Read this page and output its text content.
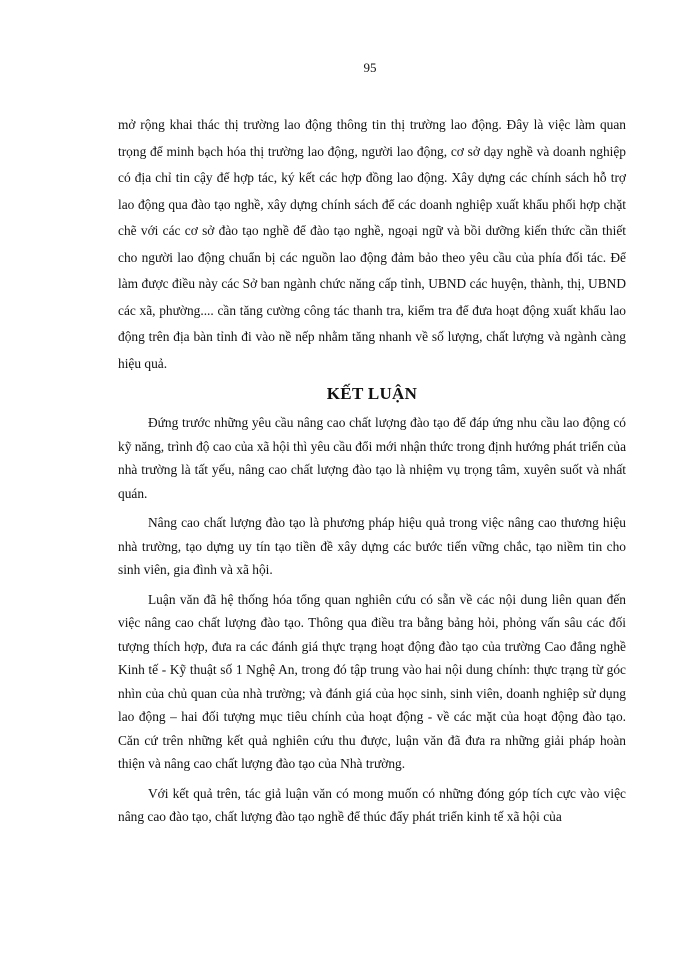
95

mở rộng khai thác thị trường lao động thông tin thị trường lao động. Đây là việc làm quan trọng để minh bạch hóa thị trường lao động, người lao động, cơ sở dạy nghề và doanh nghiệp có địa chỉ tin cậy để hợp tác, ký kết các hợp đồng lao động. Xây dựng các chính sách hỗ trợ lao động qua đào tạo nghề, xây dựng chính sách để các doanh nghiệp xuất khẩu phối hợp chặt chẽ với các cơ sở đào tạo nghề để đào tạo nghề, ngoại ngữ và bồi dưỡng kiến thức cần thiết cho người lao động chuẩn bị các nguồn lao động đảm bảo theo yêu cầu của phía đối tác. Để làm được điều này các Sở ban ngành chức năng cấp tỉnh, UBND các huyện, thành, thị, UBND các xã, phường.... cần tăng cường công tác thanh tra, kiểm tra để đưa hoạt động xuất khẩu lao động trên địa bàn tỉnh đi vào nề nếp nhằm tăng nhanh về số lượng, chất lượng và ngành càng hiệu quả.

KẾT LUẬN

Đứng trước những yêu cầu nâng cao chất lượng đào tạo để đáp ứng nhu cầu lao động có kỹ năng, trình độ cao của xã hội thì yêu cầu đổi mới nhận thức trong định hướng phát triển của nhà trường là tất yếu, nâng cao chất lượng đào tạo là nhiệm vụ trọng tâm, xuyên suốt và nhất quán.

Nâng cao chất lượng đào tạo là phương pháp hiệu quả trong việc nâng cao thương hiệu nhà trường, tạo dựng uy tín tạo tiền đề xây dựng các bước tiến vững chắc, tạo niềm tin cho sinh viên, gia đình và xã hội.

Luận văn đã hệ thống hóa tổng quan nghiên cứu có sẵn về các nội dung liên quan đến việc nâng cao chất lượng đào tạo. Thông qua điều tra bằng bảng hỏi, phỏng vấn sâu các đối tượng thích hợp, đưa ra các đánh giá thực trạng hoạt động đào tạo của trường Cao đẳng nghề Kinh tế - Kỹ thuật số 1 Nghệ An, trong đó tập trung vào hai nội dung chính: thực trạng từ góc nhìn của chủ quan của nhà trường; và đánh giá của học sinh, sinh viên, doanh nghiệp sử dụng lao động – hai đối tượng mục tiêu chính của hoạt động - về các mặt của hoạt động đào tạo. Căn cứ trên những kết quả nghiên cứu thu được, luận văn đã đưa ra những giải pháp hoàn thiện và nâng cao chất lượng đào tạo của Nhà trường.

Với kết quả trên, tác giả luận văn có mong muốn có những đóng góp tích cực vào việc nâng cao đào tạo, chất lượng đào tạo nghề để thúc đẩy phát triển kinh tế xã hội của
